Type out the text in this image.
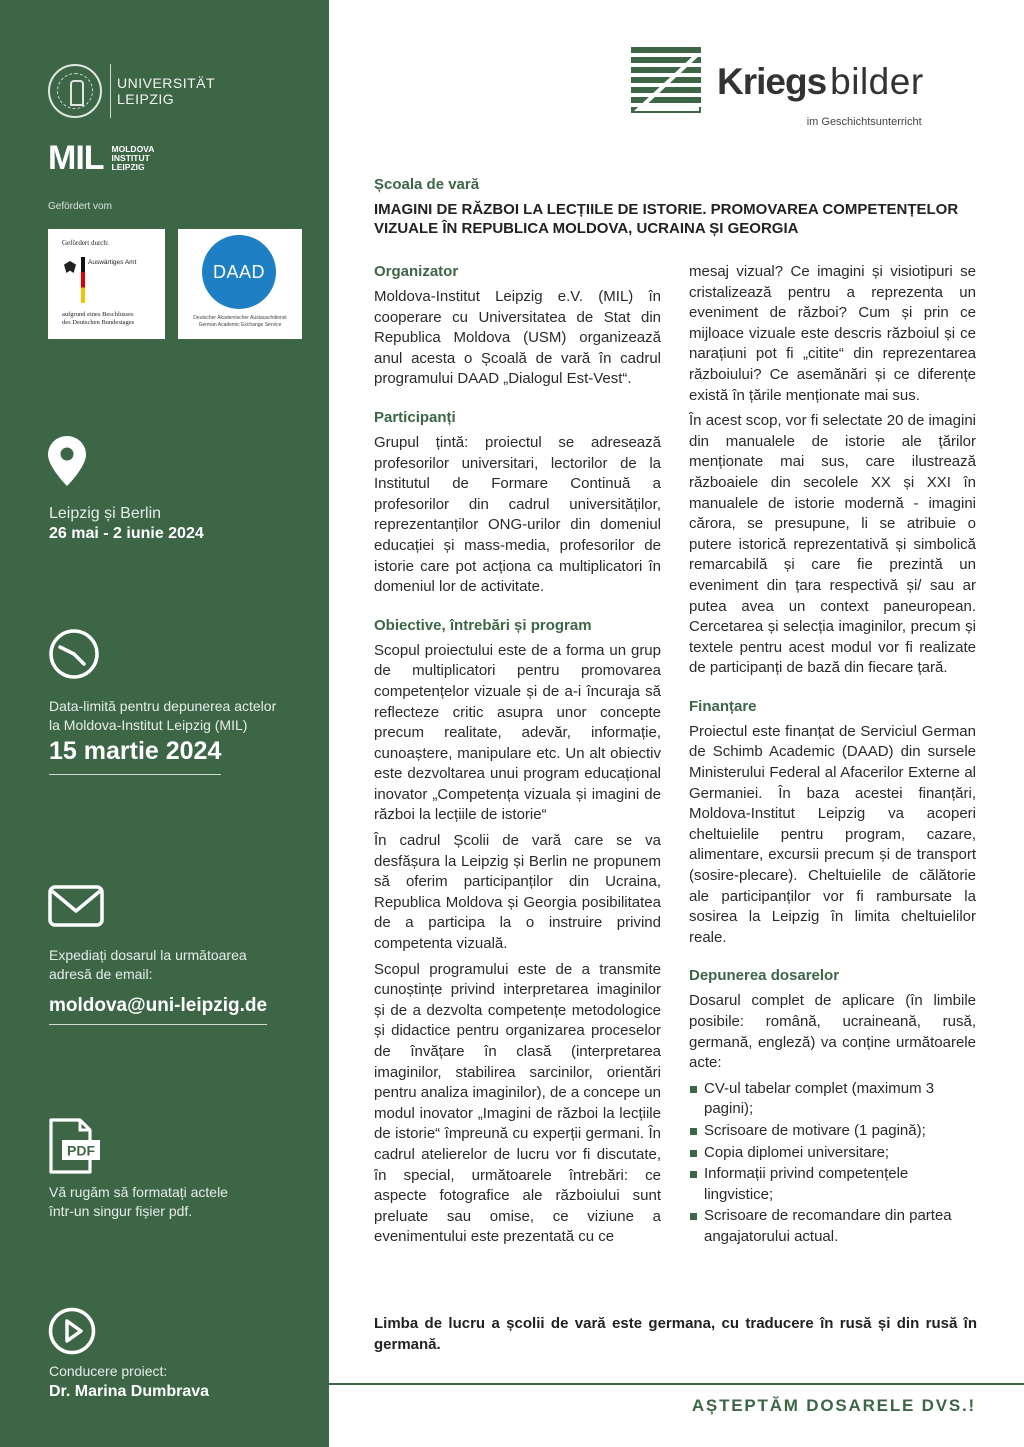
UNIVERSITÄT
LEIPZIG
MIL MOLDOVA
INSTITUT
LEIPZIG
Gefördert vom
Gefördert durch:
Auswärtiges Amt
aufgrund eines Beschlusses
des Deutschen Bundestages
DAAD
Deutscher Akademischer Austauschdienst
German Academic Exchange Service
Leipzig și Berlin
26 mai - 2 iunie 2024
Data-limită pentru depunerea actelor
la Moldova-Institut Leipzig (MIL)
15 martie 2024
Expediați dosarul la următoarea
adresă de email:
moldova@uni-leipzig.de
PDF
Vă rugăm să formatați actele
într-un singur fișier pdf.
Conducere proiect:
Dr. Marina Dumbrava
Kriegs bilder
im Geschichtsunterricht
Școala de vară
IMAGINI DE RĂZBOI LA LECȚIILE DE ISTORIE. PROMOVAREA COMPETENȚELOR VIZUALE ÎN REPUBLICA MOLDOVA, UCRAINA ȘI GEORGIA
Organizator

Moldova-Institut Leipzig e.V. (MIL) în cooperare cu Universitatea de Stat din Republica Moldova (USM) organizează anul acesta o Școală de vară în cadrul programului DAAD „Dialogul Est-Vest“.

Participanți

Grupul țintă: proiectul se adresează profesorilor universitari, lectorilor de la Institutul de Formare Continuă a profesorilor din cadrul universităților, reprezentanților ONG-urilor din domeniul educației și mass-media, profesorilor de istorie care pot acționa ca multiplicatori în domeniul lor de activitate.

Obiective, întrebări și program

Scopul proiectului este de a forma un grup de multiplicatori pentru promovarea competențelor vizuale și de a-i încuraja să reflecteze critic asupra unor concepte precum realitate, adevăr, informație, cunoaștere, manipulare etc. Un alt obiectiv este dezvoltarea unui program educațional inovator „Competența vizuala și imagini de război la lecțiile de istorie“

În cadrul Școlii de vară care se va desfășura la Leipzig și Berlin ne propunem să oferim participanților din Ucraina, Republica Moldova și Georgia posibilitatea de a participa la o instruire privind competenta vizuală.

Scopul programului este de a transmite cunoștințe privind interpretarea imaginilor și de a dezvolta competențe metodologice și didactice pentru organizarea proceselor de învățare în clasă (interpretarea imaginilor, stabilirea sarcinilor, orientări pentru analiza imaginilor), de a concepe un modul inovator „Imagini de război la lecțiile de istorie“ împreună cu experții germani. În cadrul atelierelor de lucru vor fi discutate, în special, următoarele întrebări: ce aspecte fotografice ale războiului sunt preluate sau omise, ce viziune a evenimentului este prezentată cu ce

mesaj vizual? Ce imagini și visiotipuri se cristalizează pentru a reprezenta un eveniment de război? Cum și prin ce mijloace vizuale este descris războiul și ce narațiuni pot fi „citite“ din reprezentarea războiului? Ce asemănări și ce diferențe există în țările menționate mai sus.

În acest scop, vor fi selectate 20 de imagini din manualele de istorie ale țărilor menționate mai sus, care ilustrează războaiele din secolele XX și XXI în manualele de istorie modernă - imagini cărora, se presupune, li se atribuie o putere istorică reprezentativă și simbolică remarcabilă și care fie prezintă un eveniment din țara respectivă și/ sau ar putea avea un context paneuropean. Cercetarea și selecția imaginilor, precum și textele pentru acest modul vor fi realizate de participanți de bază din fiecare țară.

Finanțare

Proiectul este finanțat de Serviciul German de Schimb Academic (DAAD) din sursele Ministerului Federal al Afacerilor Externe al Germaniei. În baza acestei finanțări, Moldova-Institut Leipzig va acoperi cheltuielile pentru program, cazare, alimentare, excursii precum și de transport (sosire-plecare). Cheltuielile de călătorie ale participanților vor fi rambursate la sosirea la Leipzig în limita cheltuielilor reale.

Depunerea dosarelor

Dosarul complet de aplicare (în limbile posibile: română, ucraineană, rusă, germană, engleză) va conține următoarele acte:

CV-ul tabelar complet (maximum 3 pagini);
Scrisoare de motivare (1 pagină);
Copia diplomei universitare;
Informații privind competențele lingvistice;
Scrisoare de recomandare din partea angajatorului actual.
Limba de lucru a școlii de vară este germana, cu traducere în rusă și din rusă în germană.
AȘTEPTĂM DOSARELE DVS.!
